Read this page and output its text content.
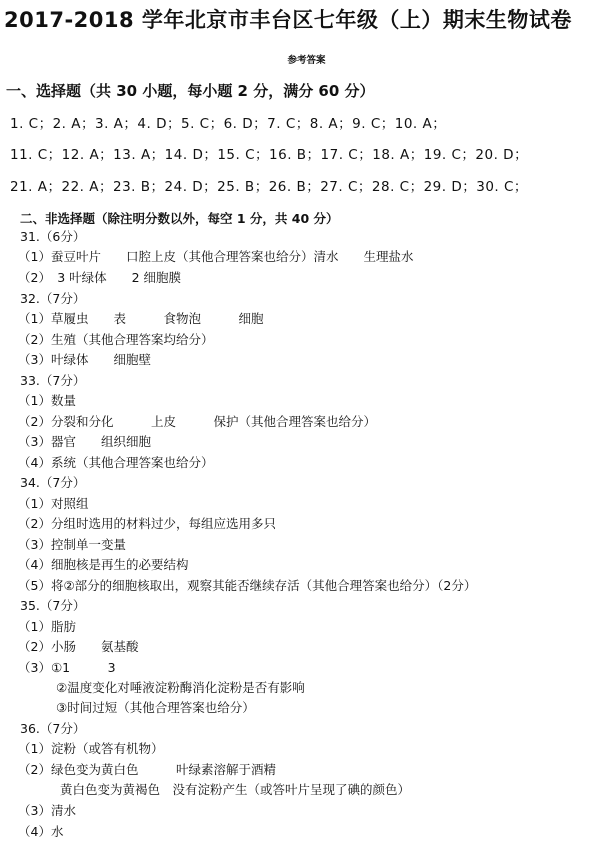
2017-2018 学年北京市丰台区七年级（上）期末生物试卷
参考答案
一、选择题（共 30 小题，每小题 2 分，满分 60 分）
1. C；2. A；3. A；4. D；5. C；6. D；7. C；8. A；9. C；10. A；
11. C；12. A；13. A；14. D；15. C；16. B；17. C；18. A；19. C；20. D；
21. A；22. A；23. B；24. D；25. B；26. B；27. C；28. C；29. D；30. C；
二、非选择题（除注明分数以外，每空 1 分，共 40 分）
31.（6分）
（1）蚕豆叶片　　口腔上皮（其他合理答案也给分）清水　　生理盐水
（2）　3 叶绿体　　2 细胞膜
32.（7分）
（1）草履虫　　表　　　食物泡　　　细胞
（2）生殖（其他合理答案均给分）
（3）叶绿体　　细胞壁
33.（7分）
（1）数量
（2）分裂和分化　　　上皮　　　保护（其他合理答案也给分）
（3）器官　　组织细胞
（4）系统（其他合理答案也给分）
34.（7分）
（1）对照组
（2）分组时选用的材料过少，每组应选用多只
（3）控制单一变量
（4）细胞核是再生的必要结构
（5）将②部分的细胞核取出，观察其能否继续存活（其他合理答案也给分）（2分）
35.（7分）
（1）脂肪
（2）小肠　　氨基酸
（3）①1　　　3
②温度变化对唾液淀粉酶消化淀粉是否有影响
③时间过短（其他合理答案也给分）
36.（7分）
（1）淀粉（或答有机物）
（2）绿色变为黄白色　　　叶绿素溶解于酒精
黄白色变为黄褐色　没有淀粉产生（或答叶片呈现了碘的颜色）
（3）清水
（4）水
